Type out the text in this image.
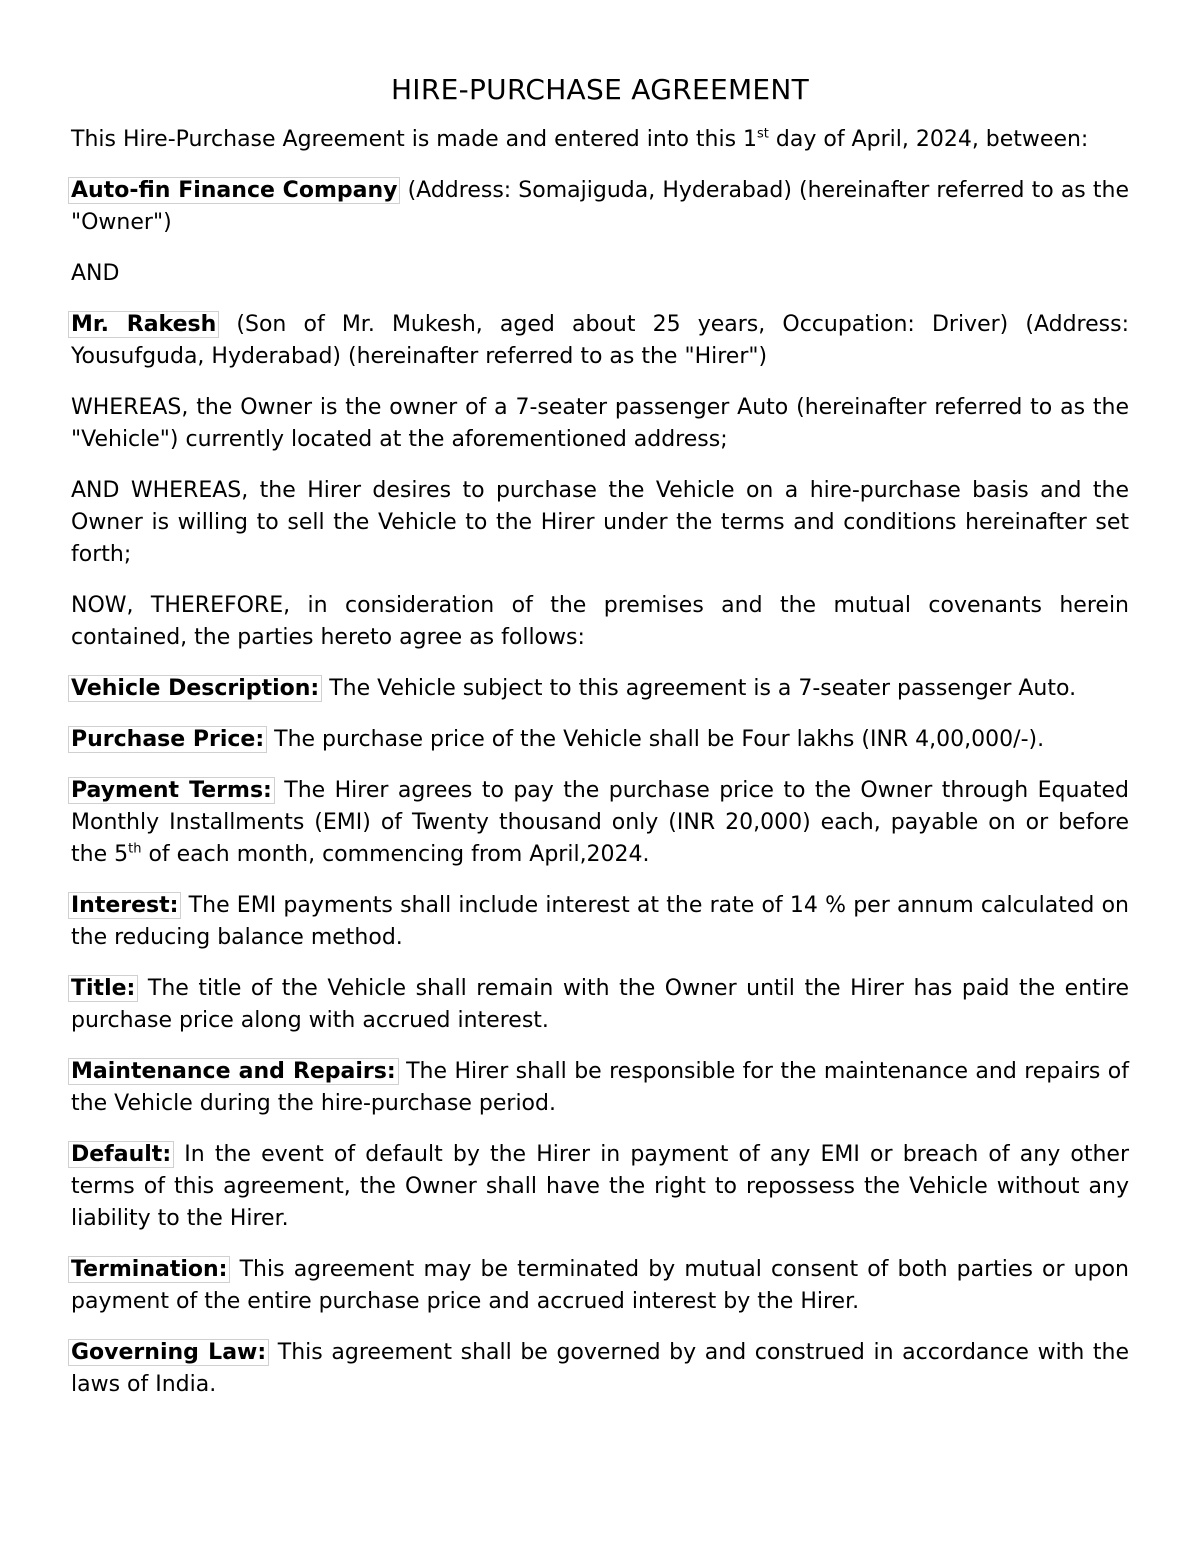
HIRE-PURCHASE AGREEMENT

This Hire-Purchase Agreement is made and entered into this 1st day of April, 2024, between:

Auto-fin Finance Company (Address: Somajiguda, Hyderabad) (hereinafter referred to as the "Owner")

AND

Mr. Rakesh (Son of Mr. Mukesh, aged about 25 years, Occupation: Driver) (Address: Yousufguda, Hyderabad) (hereinafter referred to as the "Hirer")

WHEREAS, the Owner is the owner of a 7-seater passenger Auto (hereinafter referred to as the "Vehicle") currently located at the aforementioned address;

AND WHEREAS, the Hirer desires to purchase the Vehicle on a hire-purchase basis and the Owner is willing to sell the Vehicle to the Hirer under the terms and conditions hereinafter set forth;

NOW, THEREFORE, in consideration of the premises and the mutual covenants herein contained, the parties hereto agree as follows:

Vehicle Description: The Vehicle subject to this agreement is a 7-seater passenger Auto.

Purchase Price: The purchase price of the Vehicle shall be Four lakhs (INR 4,00,000/-).

Payment Terms: The Hirer agrees to pay the purchase price to the Owner through Equated Monthly Installments (EMI) of Twenty thousand only (INR 20,000) each, payable on or before the 5th of each month, commencing from April,2024.

Interest: The EMI payments shall include interest at the rate of 14 % per annum calculated on the reducing balance method.

Title: The title of the Vehicle shall remain with the Owner until the Hirer has paid the entire purchase price along with accrued interest.

Maintenance and Repairs: The Hirer shall be responsible for the maintenance and repairs of the Vehicle during the hire-purchase period.

Default: In the event of default by the Hirer in payment of any EMI or breach of any other terms of this agreement, the Owner shall have the right to repossess the Vehicle without any liability to the Hirer.

Termination: This agreement may be terminated by mutual consent of both parties or upon payment of the entire purchase price and accrued interest by the Hirer.

Governing Law: This agreement shall be governed by and construed in accordance with the laws of India.
